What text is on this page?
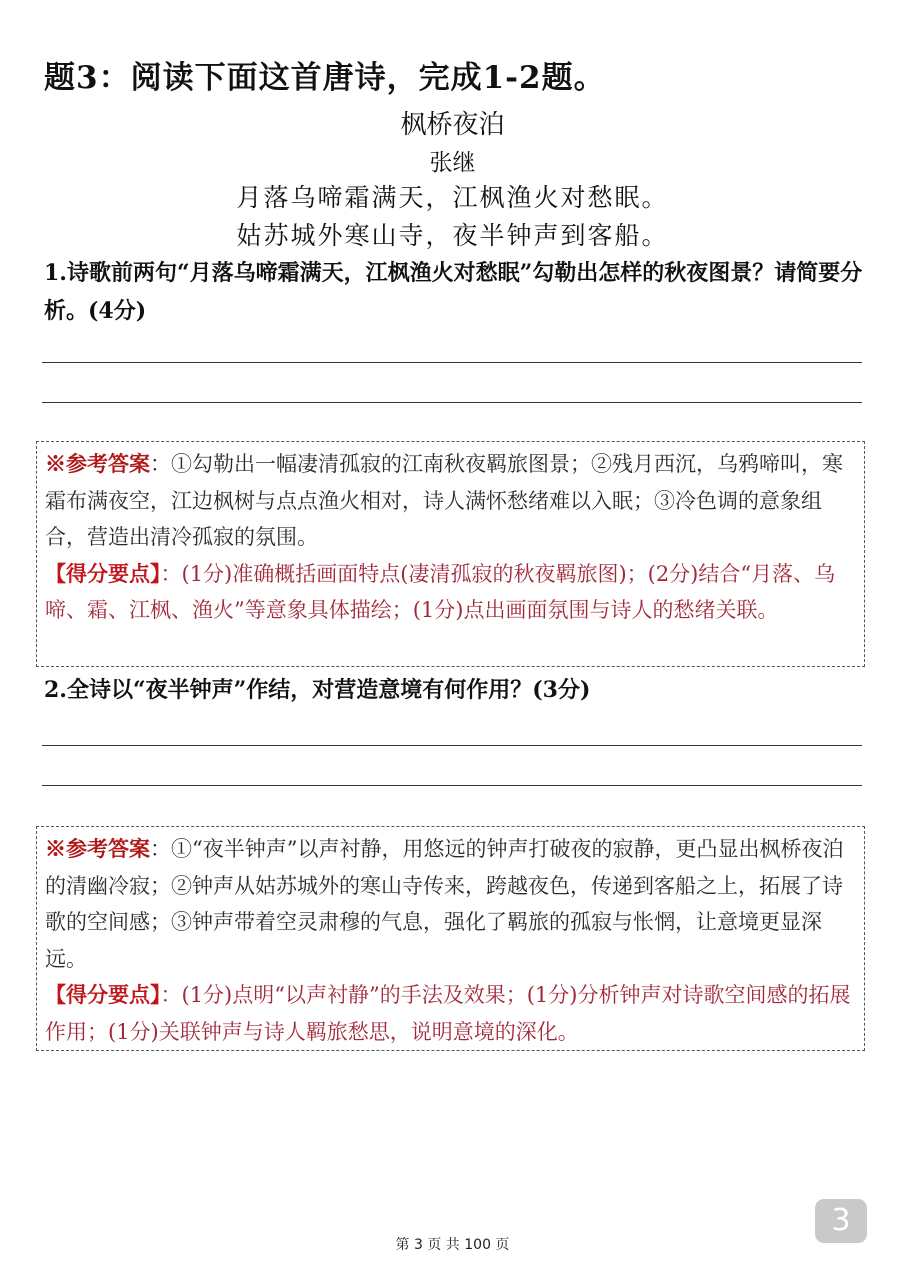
题3：阅读下面这首唐诗，完成1-2题。
枫桥夜泊
张继
月落乌啼霜满天，江枫渔火对愁眠。
姑苏城外寒山寺，夜半钟声到客船。
1.诗歌前两句“月落乌啼霜满天，江枫渔火对愁眠”勾勒出怎样的秋夜图景？请简要分析。(4分)
※参考答案：①勾勒出一幅凄清孤寂的江南秋夜羁旅图景；②残月西沉，乌鸦啼叫，寒霜布满夜空，江边枫树与点点渔火相对，诗人满怀愁绪难以入眠；③冷色调的意象组合，营造出清冷孤寂的氛围。
【得分要点】：(1分)准确概括画面特点(凄清孤寂的秋夜羁旅图)；(2分)结合“月落、乌啼、霜、江枫、渔火”等意象具体描绘；(1分)点出画面氛围与诗人的愁绪关联。
2.全诗以“夜半钟声”作结，对营造意境有何作用？(3分)
※参考答案：①“夜半钟声”以声衬静，用悠远的钟声打破夜的寂静，更凸显出枫桥夜泊的清幽冷寂；②钟声从姑苏城外的寒山寺传来，跨越夜色，传递到客船之上，拓展了诗歌的空间感；③钟声带着空灵肃穆的气息，强化了羁旅的孤寂与怅惘，让意境更显深远。
【得分要点】：(1分)点明“以声衬静”的手法及效果；(1分)分析钟声对诗歌空间感的拓展作用；(1分)关联钟声与诗人羁旅愁思，说明意境的深化。
第 3 页 共 100 页
3
